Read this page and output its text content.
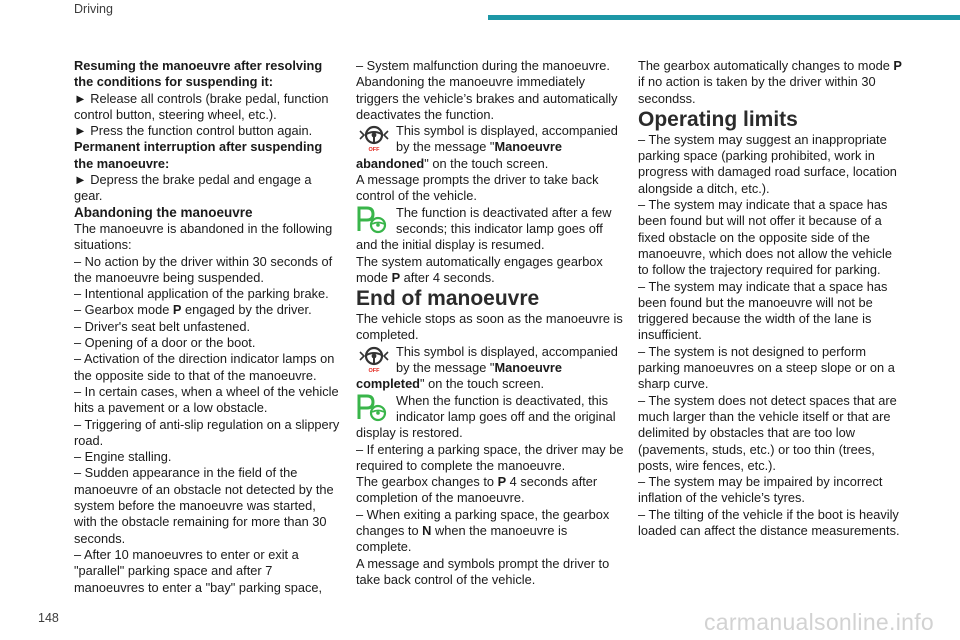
Driving

Resuming the manoeuvre after resolving the conditions for suspending it:

► Release all controls (brake pedal, function control button, steering wheel, etc.).

► Press the function control button again.

Permanent interruption after suspending the manoeuvre:

► Depress the brake pedal and engage a gear.

Abandoning the manoeuvre

The manoeuvre is abandoned in the following situations:

– No action by the driver within 30 seconds of the manoeuvre being suspended.

– Intentional application of the parking brake.

– Gearbox mode P engaged by the driver.

– Driver's seat belt unfastened.

– Opening of a door or the boot.

– Activation of the direction indicator lamps on the opposite side to that of the manoeuvre.

– In certain cases, when a wheel of the vehicle hits a pavement or a low obstacle.

– Triggering of anti-slip regulation on a slippery road.

– Engine stalling.

– Sudden appearance in the field of the manoeuvre of an obstacle not detected by the system before the manoeuvre was started, with the obstacle remaining for more than 30 seconds.

– After 10 manoeuvres to enter or exit a "parallel" parking space and after 7 manoeuvres to enter a "bay" parking space,

– System malfunction during the manoeuvre.

Abandoning the manoeuvre immediately triggers the vehicle’s brakes and automatically deactivates the function.

OFF

This symbol is displayed, accompanied by the message "Manoeuvre abandoned" on the touch screen.

A message prompts the driver to take back control of the vehicle.

The function is deactivated after a few seconds; this indicator lamp goes off and the initial display is resumed.

The system automatically engages gearbox mode P after 4 seconds.

End of manoeuvre

The vehicle stops as soon as the manoeuvre is completed.

OFF

This symbol is displayed, accompanied by the message "Manoeuvre completed" on the touch screen.

When the function is deactivated, this indicator lamp goes off and the original display is restored.

– If entering a parking space, the driver may be required to complete the manoeuvre.

The gearbox changes to P 4 seconds after completion of the manoeuvre.

– When exiting a parking space, the gearbox changes to N when the manoeuvre is complete.

A message and symbols prompt the driver to take back control of the vehicle.

The gearbox automatically changes to mode P if no action is taken by the driver within 30 secondss.

Operating limits

– The system may suggest an inappropriate parking space (parking prohibited, work in progress with damaged road surface, location alongside a ditch, etc.).

– The system may indicate that a space has been found but will not offer it because of a fixed obstacle on the opposite side of the manoeuvre, which does not allow the vehicle to follow the trajectory required for parking.

– The system may indicate that a space has been found but the manoeuvre will not be triggered because the width of the lane is insufficient.

– The system is not designed to perform parking manoeuvres on a steep slope or on a sharp curve.

– The system does not detect spaces that are much larger than the vehicle itself or that are delimited by obstacles that are too low (pavements, studs, etc.) or too thin (trees, posts, wire fences, etc.).

– The system may be impaired by incorrect inflation of the vehicle’s tyres.

– The tilting of the vehicle if the boot is heavily loaded can affect the distance measurements.

148	carmanualsonline.info
